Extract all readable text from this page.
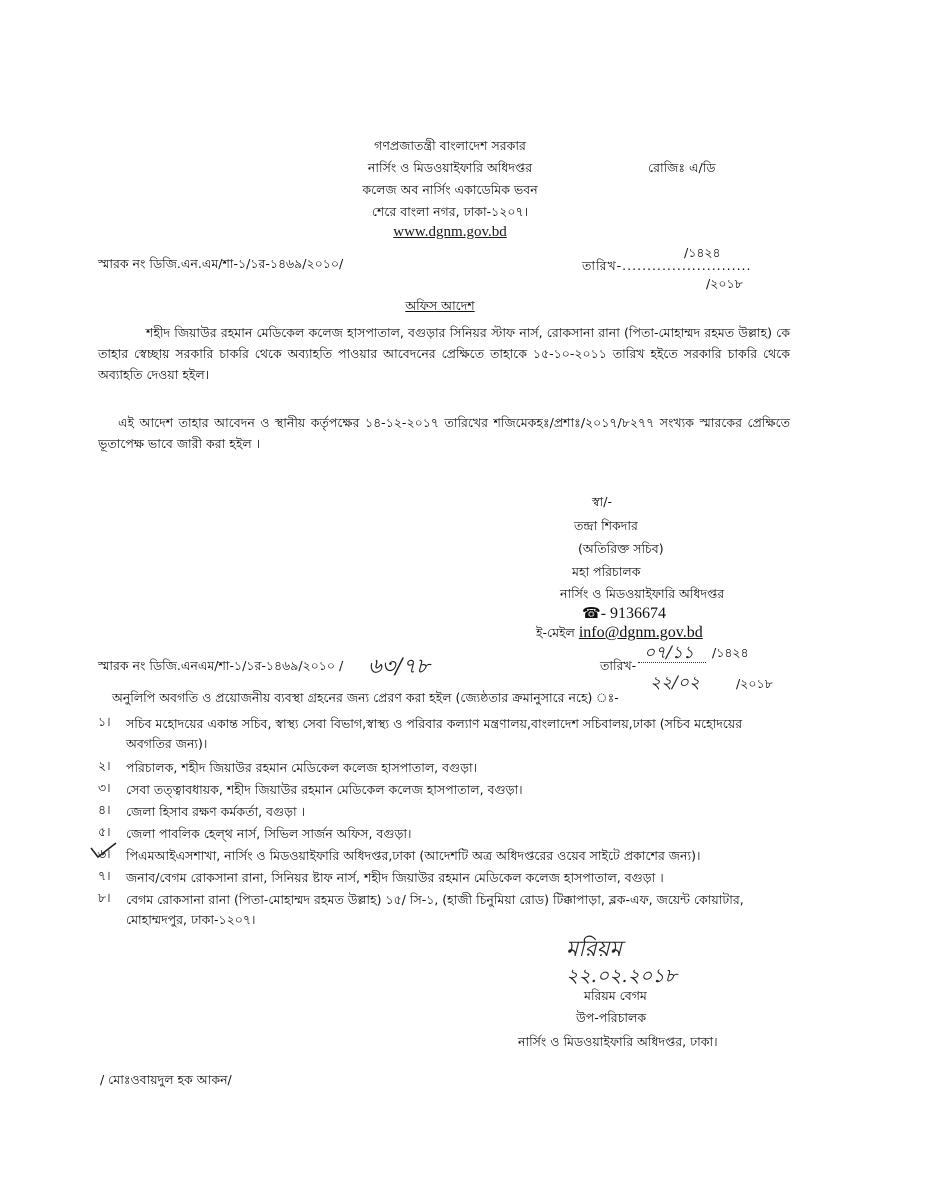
গণপ্রজাতন্ত্রী বাংলাদেশ সরকার
নার্সিং ও মিডওয়াইফারি অধিদপ্তর
কলেজ অব নার্সিং একাডেমিক ভবন
শেরে বাংলা নগর, ঢাকা-১২০৭।
www.dgnm.gov.bd
রোজিঃ এ/ডি
স্মারক নং ডিজি.এন.এম/শা-১/১র-১৪৬৯/২০১০/
/১৪২৪
তারিখ-..........................
/২০১৮
অফিস আদেশ
শহীদ জিয়াউর রহমান মেডিকেল কলেজ হাসপাতাল, বগুড়ার সিনিয়র স্টাফ নার্স, রোকসানা রানা (পিতা-মোহাম্মদ রহমত উল্লাহ) কে তাহার স্বেচ্ছায় সরকারি চাকরি থেকে অব্যাহতি পাওয়ার আবেদনের প্রেক্ষিতে তাহাকে ১৫-১০-২০১১ তারিখ হইতে সরকারি চাকরি থেকে অব্যাহতি দেওয়া হইল।
এই আদেশ তাহার আবেদন ও স্থানীয় কর্তৃপক্ষের ১৪-১২-২০১৭ তারিখের শজিমেকহঃ/প্রশাঃ/২০১৭/৮২৭৭ সংখ্যক স্মারকের প্রেক্ষিতে ভূতাপেক্ষ ভাবে জারী করা হইল ।
স্বা/-
তন্দ্রা শিকদার
(অতিরিক্ত সচিব)
মহা পরিচালক
নার্সিং ও মিডওয়াইফারি অধিদপ্তর
☎- 9136674
ই-মেইল info@dgnm.gov.bd
স্মারক নং ডিজি.এনএম/শা-১/১র-১৪৬৯/২০১০ / ৬৩/৭৮	তারিখ-
০৭/১১ /১৪২৪
২২/০২	/২০১৮
অনুলিপি অবগতি ও প্রয়োজনীয় ব্যবস্থা গ্রহনের জন্য প্রেরণ করা হইল (জ্যেষ্ঠতার ক্রমানুসারে নহে) ঃ-
১। সচিব মহোদয়ের একান্ত সচিব, স্বাস্থ্য সেবা বিভাগ,স্বাস্থ্য ও পরিবার কল্যাণ মন্ত্রণালয়,বাংলাদেশ সচিবালয়,ঢাকা (সচিব মহোদয়ের অবগতির জন্য)।
২। পরিচালক, শহীদ জিয়াউর রহমান মেডিকেল কলেজ হাসপাতাল, বগুড়া।
৩। সেবা তত্ত্বাবধায়ক, শহীদ জিয়াউর রহমান মেডিকেল কলেজ হাসপাতাল, বগুড়া।
৪। জেলা হিসাব রক্ষণ কর্মকর্তা, বগুড়া ।
৫। জেলা পাবলিক হেল্থ নার্স, সিভিল সার্জন অফিস, বগুড়া।
৬। পিএমআইএসশাখা, নার্সিং ও মিডওয়াইফারি অধিদপ্তর,ঢাকা (আদেশটি অত্র অধিদপ্তরের ওয়েব সাইটে প্রকাশের জন্য)।
৭। জনাব/বেগম রোকসানা রানা, সিনিয়র ষ্টাফ নার্স, শহীদ জিয়াউর রহমান মেডিকেল কলেজ হাসপাতাল, বগুড়া ।
৮। বেগম রোকসানা রানা (পিতা-মোহাম্মদ রহমত উল্লাহ) ১৫/ সি-১, (হাজী চিনুমিয়া রোড) টিক্কাপাড়া, ব্লক-এফ, জয়েন্ট কোয়াটার, মোহাম্মদপুর, ঢাকা-১২০৭।
মরিয়ম
২২.০২.২০১৮
মরিয়ম বেগম
উপ-পরিচালক
নার্সিং ও মিডওয়াইফারি অধিদপ্তর, ঢাকা।
/ মোঃওবায়দুল হক আকন/
